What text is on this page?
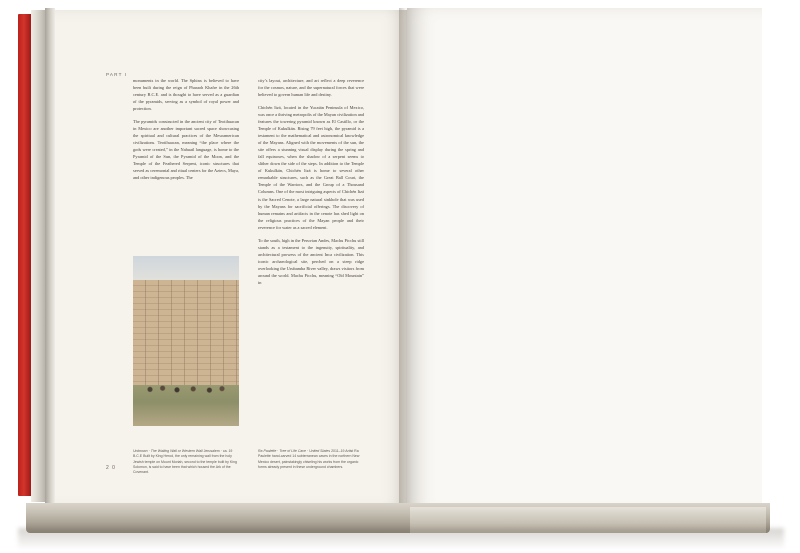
PART I

monuments in the world. The Sphinx is believed to have been built during the reign of Pharaoh Khafre in the 26th century B.C.E. and is thought to have served as a guardian of the pyramids, serving as a symbol of royal power and protection.

The pyramids constructed in the ancient city of Teotihuacan in Mexico are another important sacred space showcasing the spiritual and cultural practices of the Mesoamerican civilizations. Teotihuacan, meaning “the place where the gods were created,” in the Nahuatl language, is home to the Pyramid of the Sun, the Pyramid of the Moon, and the Temple of the Feathered Serpent, iconic structures that served as ceremonial and ritual centers for the Aztecs, Maya, and other indigenous peoples. The

city’s layout, architecture, and art reflect a deep reverence for the cosmos, nature, and the supernatural forces that were believed to govern human life and destiny.

Chichén Itzá, located in the Yucatán Peninsula of Mexico, was once a thriving metropolis of the Mayan civilization and features the towering pyramid known as El Castillo, or the Temple of Kukulkán. Rising 79 feet high, the pyramid is a testament to the mathematical and astronomical knowledge of the Mayans. Aligned with the movements of the sun, the site offers a stunning visual display during the spring and fall equinoxes, when the shadow of a serpent seems to slither down the side of the steps. In addition to the Temple of Kukulkán, Chichén Itzá is home to several other remarkable structures, such as the Great Ball Court, the Temple of the Warriors, and the Group of a Thousand Columns. One of the most intriguing aspects of Chichén Itzá is the Sacred Cenote, a large natural sinkhole that was used by the Mayans for sacrificial offerings. The discovery of human remains and artifacts in the cenote has shed light on the religious practices of the Mayan people and their reverence for water as a sacred element.

To the south, high in the Peruvian Andes, Machu Picchu still stands as a testament to the ingenuity, spirituality, and architectural prowess of the ancient Inca civilization. This iconic archaeological site, perched on a steep ridge overlooking the Urubamba River valley, draws visitors from around the world. Machu Picchu, meaning “Old Mountain” in

Unknown · The Wailing Wall or Western Wall Jerusalem · ca. 19 B.C.E Built by King Herod, the only remaining wall from the holy Jewish temple on Mount Moriah, second to the temple built by King Solomon, is said to have been that which housed the Ark of the Covenant.
Ra Paulette · Tree of Life Cave · United States 2011–19 Artist Ra Paulette hand-carved 14 subterranean caves in the northern New Mexico desert, painstakingly chiseling his works from the organic forms already present in these underground chambers.
2 0
